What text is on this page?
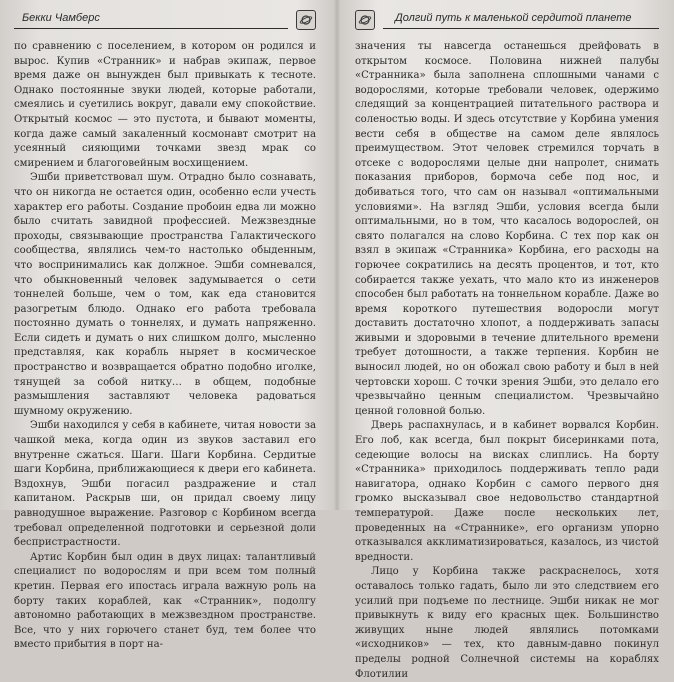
Бекки Чамберс

по сравнению с поселением, в котором он родился и вырос. Купив «Странник» и набрав экипаж, первое время даже он вынужден был привыкать к тесноте. Однако постоянные звуки людей, которые работали, смеялись и суетились вокруг, давали ему спокойствие. Открытый космос — это пустота, и бывают моменты, когда даже самый закаленный космонавт смотрит на усеянный сияющими точками звезд мрак со смирением и благоговейным восхищением.

Эшби приветствовал шум. Отрадно было сознавать, что он никогда не остается один, особенно если учесть характер его работы. Создание пробоин едва ли можно было считать завидной профессией. Межзвездные проходы, связывающие пространства Галактического сообщества, являлись чем-то настолько обыденным, что воспринимались как должное. Эшби сомневался, что обыкновенный человек задумывается о сети тоннелей больше, чем о том, как еда становится разогретым блюдо. Однако его работа требовала постоянно думать о тоннелях, и думать напряженно. Если сидеть и думать о них слишком долго, мысленно представляя, как корабль ныряет в космическое пространство и возвращается обратно подобно иголке, тянущей за собой нитку… в общем, подобные размышления заставляют человека радоваться шумному окружению.

Эшби находился у себя в кабинете, читая новости за чашкой мека, когда один из звуков заставил его внутренне сжаться. Шаги. Шаги Корбина. Сердитые шаги Корбина, приближающиеся к двери его кабинета. Вздохнув, Эшби погасил раздражение и стал капитаном. Раскрыв ши, он придал своему лицу равнодушное выражение. Разговор с Корбином всегда требовал определенной подготовки и серьезной доли беспристрастности.

Артис Корбин был один в двух лицах: талантливый специалист по водорослям и при всем том полный кретин. Первая его ипостась играла важную роль на борту таких кораблей, как «Странник», подолгу автономно работающих в межзвездном пространстве. Все, что у них горючего станет буд, тем более что вместо прибытия в порт на-

Долгий путь к маленькой сердитой планете

значения ты навсегда останешься дрейфовать в открытом космосе. Половина нижней палубы «Странника» была заполнена сплошными чанами с водорослями, которые требовали человек, одержимо следящий за концентрацией питательного раствора и соленостью воды. И здесь отсутствие у Корбина умения вести себя в обществе на самом деле являлось преимуществом. Этот человек стремился торчать в отсеке с водорослями целые дни напролет, снимать показания приборов, бормоча себе под нос, и добиваться того, что сам он называл «оптимальными условиями». На взгляд Эшби, условия всегда были оптимальными, но в том, что касалось водорослей, он свято полагался на слово Корбина. С тех пор как он взял в экипаж «Странника» Корбина, его расходы на горючее сократились на десять процентов, и тот, кто собирается также уехать, что мало кто из инженеров способен был работать на тоннельном корабле. Даже во время короткого путешествия водоросли могут доставить достаточно хлопот, а поддерживать запасы живыми и здоровыми в течение длительного времени требует дотошности, а также терпения. Корбин не выносил людей, но он обожал свою работу и был в ней чертовски хорош. С точки зрения Эшби, это делало его чрезвычайно ценным специалистом. Чрезвычайно ценной головной болью.

Дверь распахнулась, и в кабинет ворвался Корбин. Его лоб, как всегда, был покрыт бисеринками пота, седеющие волосы на висках слиплись. На борту «Странника» приходилось поддерживать тепло ради навигатора, однако Корбин с самого первого дня громко высказывал свое недовольство стандартной температурой. Даже после нескольких лет, проведенных на «Страннике», его организм упорно отказывался акклиматизироваться, казалось, из чистой вредности.

Лицо у Корбина также раскраснелось, хотя оставалось только гадать, было ли это следствием его усилий при подъеме по лестнице. Эшби никак не мог привыкнуть к виду его красных щек. Большинство живущих ныне людей являлись потомками «исходников» — тех, кто давным-давно покинул пределы родной Солнечной системы на кораблях Флотилии
